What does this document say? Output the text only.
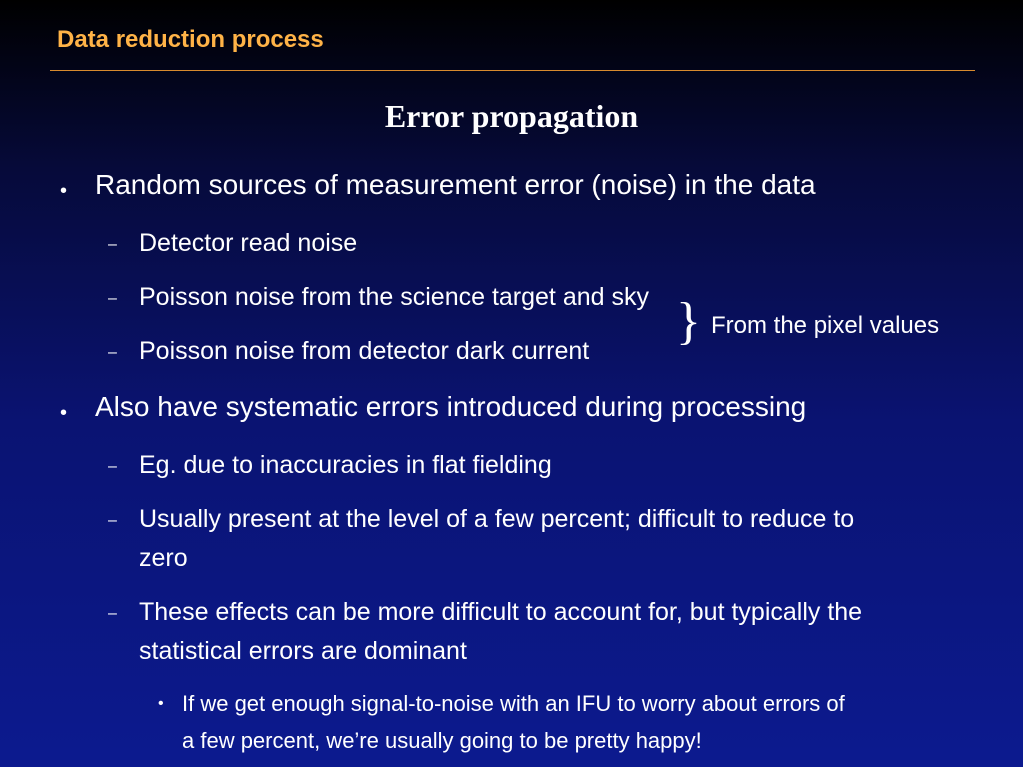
Data reduction process
Error propagation
• Random sources of measurement error (noise) in the data
– Detector read noise
– Poisson noise from the science target and sky
– Poisson noise from detector dark current
} From the pixel values
• Also have systematic errors introduced during processing
– Eg. due to inaccuracies in flat fielding
– Usually present at the level of a few percent; difficult to reduce to
zero
– These effects can be more difficult to account for, but typically the
statistical errors are dominant
• If we get enough signal-to-noise with an IFU to worry about errors of
a few percent, we’re usually going to be pretty happy!
